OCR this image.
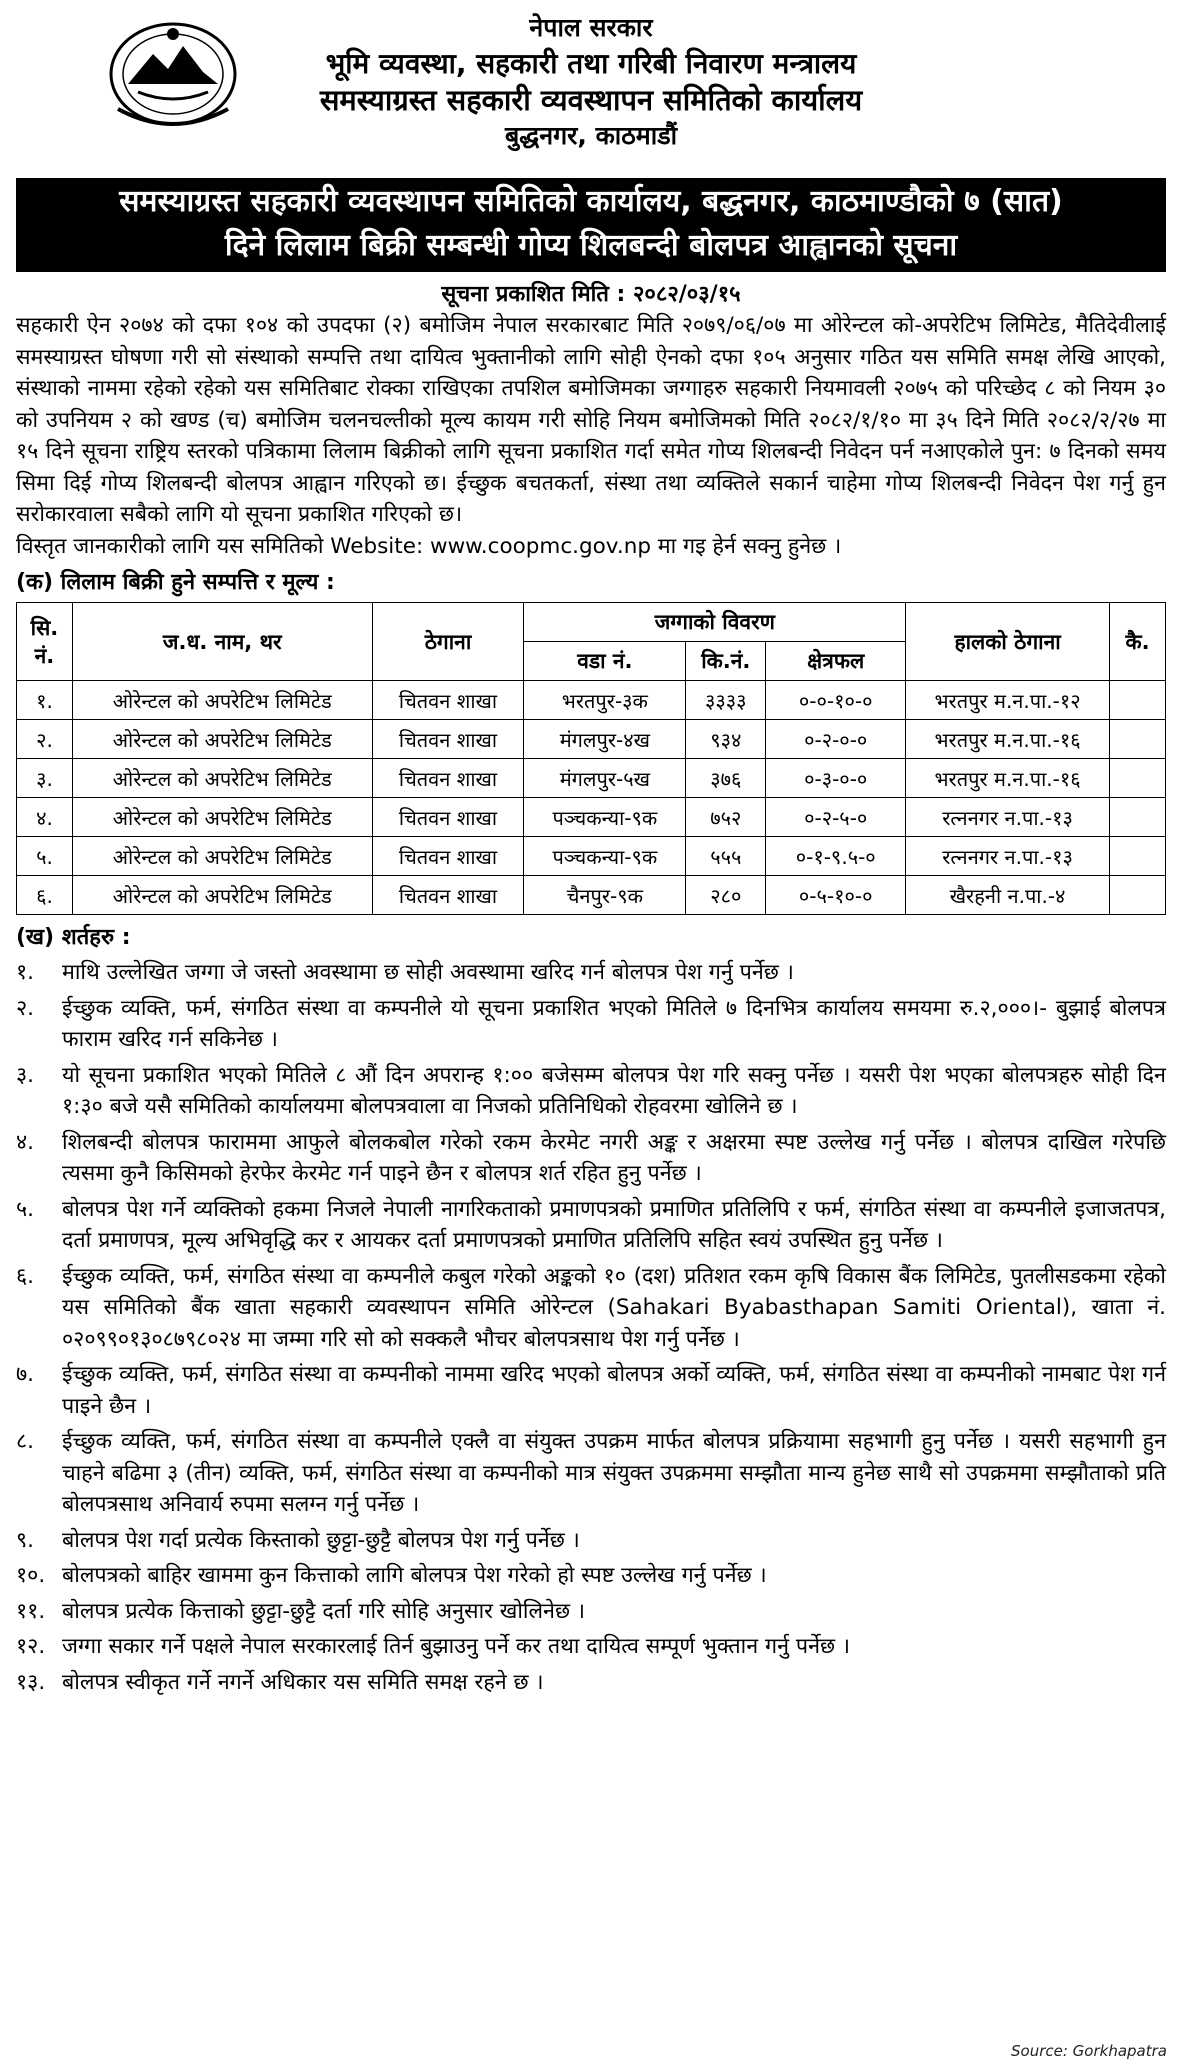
नेपाल सरकार
भूमि व्यवस्था, सहकारी तथा गरिबी निवारण मन्त्रालय
समस्याग्रस्त सहकारी व्यवस्थापन समितिको कार्यालय
बुद्धनगर, काठमाडौं
समस्याग्रस्त सहकारी व्यवस्थापन समितिको कार्यालय, बद्धनगर, काठमाण्डौको ७ (सात)
दिने लिलाम बिक्री सम्बन्धी गोप्य शिलबन्दी बोलपत्र आह्वानको सूचना
सूचना प्रकाशित मिति : २०८२/०३/१५

सहकारी ऐन २०७४ को दफा १०४ को उपदफा (२) बमोजिम नेपाल सरकारबाट मिति २०७९/०६/०७ मा ओरेन्टल को-अपरेटिभ लिमिटेड, मैतिदेवीलाई समस्याग्रस्त घोषणा गरी सो संस्थाको सम्पत्ति तथा दायित्व भुक्तानीको लागि सोही ऐनको दफा १०५ अनुसार गठित यस समिति समक्ष लेखि आएको, संस्थाको नाममा रहेको रहेको यस समितिबाट रोक्का राखिएका तपशिल बमोजिमका जग्गाहरु सहकारी नियमावली २०७५ को परिच्छेद ८ को नियम ३० को उपनियम २ को खण्ड (च) बमोजिम चलनचल्तीको मूल्य कायम गरी सोहि नियम बमोजिमको मिति २०८२/१/१० मा ३५ दिने मिति २०८२/२/२७ मा १५ दिने सूचना राष्ट्रिय स्तरको पत्रिकामा लिलाम बिक्रीको लागि सूचना प्रकाशित गर्दा समेत गोप्य शिलबन्दी निवेदन पर्न नआएकोले पुन: ७ दिनको समय सिमा दिई गोप्य शिलबन्दी बोलपत्र आह्वान गरिएको छ। ईच्छुक बचतकर्ता, संस्था तथा व्यक्तिले सकार्न चाहेमा गोप्य शिलबन्दी निवेदन पेश गर्नु हुन सरोकारवाला सबैको लागि यो सूचना प्रकाशित गरिएको छ।

विस्तृत जानकारीको लागि यस समितिको Website: www.coopmc.gov.np मा गइ हेर्न सक्नु हुनेछ ।

(क) लिलाम बिक्री हुने सम्पत्ति र मूल्य :
सि. नं.	ज.ध. नाम, थर	ठेगाना	जग्गाको विवरण			हालको ठेगाना	कै.
			वडा नं.	कि.नं.	क्षेत्रफल		
१.	ओरेन्टल को अपरेटिभ लिमिटेड	चितवन शाखा	भरतपुर-३क	३३३३	०-०-१०-०	भरतपुर म.न.पा.-१२	
२.	ओरेन्टल को अपरेटिभ लिमिटेड	चितवन शाखा	मंगलपुर-४ख	९३४	०-२-०-०	भरतपुर म.न.पा.-१६	
३.	ओरेन्टल को अपरेटिभ लिमिटेड	चितवन शाखा	मंगलपुर-५ख	३७६	०-३-०-०	भरतपुर म.न.पा.-१६	
४.	ओरेन्टल को अपरेटिभ लिमिटेड	चितवन शाखा	पञ्चकन्या-९क	७५२	०-२-५-०	रत्ननगर न.पा.-१३	
५.	ओरेन्टल को अपरेटिभ लिमिटेड	चितवन शाखा	पञ्चकन्या-९क	५५५	०-१-९.५-०	रत्ननगर न.पा.-१३	
६.	ओरेन्टल को अपरेटिभ लिमिटेड	चितवन शाखा	चैनपुर-९क	२८०	०-५-१०-०	खैरहनी न.पा.-४	
(ख) शर्तहरु :
१.	माथि उल्लेखित जग्गा जे जस्तो अवस्थामा छ सोही अवस्थामा खरिद गर्न बोलपत्र पेश गर्नु पर्नेछ ।
२.	ईच्छुक व्यक्ति, फर्म, संगठित संस्था वा कम्पनीले यो सूचना प्रकाशित भएको मितिले ७ दिनभित्र कार्यालय समयमा रु.२,०००।- बुझाई बोलपत्र फाराम खरिद गर्न सकिनेछ ।
३.	यो सूचना प्रकाशित भएको मितिले ८ औं दिन अपरान्ह १:०० बजेसम्म बोलपत्र पेश गरि सक्नु पर्नेछ । यसरी पेश भएका बोलपत्रहरु सोही दिन १:३० बजे यसै समितिको कार्यालयमा बोलपत्रवाला वा निजको प्रतिनिधिको रोहवरमा खोलिने छ ।
४.	शिलबन्दी बोलपत्र फाराममा आफुले बोलकबोल गरेको रकम केरमेट नगरी अङ्क र अक्षरमा स्पष्ट उल्लेख गर्नु पर्नेछ । बोलपत्र दाखिल गरेपछि त्यसमा कुनै किसिमको हेरफेर केरमेट गर्न पाइने छैन र बोलपत्र शर्त रहित हुनु पर्नेछ ।
५.	बोलपत्र पेश गर्ने व्यक्तिको हकमा निजले नेपाली नागरिकताको प्रमाणपत्रको प्रमाणित प्रतिलिपि र फर्म, संगठित संस्था वा कम्पनीले इजाजतपत्र, दर्ता प्रमाणपत्र, मूल्य अभिवृद्धि कर र आयकर दर्ता प्रमाणपत्रको प्रमाणित प्रतिलिपि सहित स्वयं उपस्थित हुनु पर्नेछ ।
६.	ईच्छुक व्यक्ति, फर्म, संगठित संस्था वा कम्पनीले कबुल गरेको अङ्कको १० (दश) प्रतिशत रकम कृषि विकास बैंक लिमिटेड, पुतलीसडकमा रहेको यस समितिको बैंक खाता सहकारी व्यवस्थापन समिति ओरेन्टल (Sahakari Byabasthapan Samiti Oriental), खाता नं. ०२०९९०१३०८७९८०२४ मा जम्मा गरि सो को सक्कलै भौचर बोलपत्रसाथ पेश गर्नु पर्नेछ ।
७.	ईच्छुक व्यक्ति, फर्म, संगठित संस्था वा कम्पनीको नाममा खरिद भएको बोलपत्र अर्को व्यक्ति, फर्म, संगठित संस्था वा कम्पनीको नामबाट पेश गर्न पाइने छैन ।
८.	ईच्छुक व्यक्ति, फर्म, संगठित संस्था वा कम्पनीले एक्लै वा संयुक्त उपक्रम मार्फत बोलपत्र प्रक्रियामा सहभागी हुनु पर्नेछ । यसरी सहभागी हुन चाहने बढिमा ३ (तीन) व्यक्ति, फर्म, संगठित संस्था वा कम्पनीको मात्र संयुक्त उपक्रममा सम्झौता मान्य हुनेछ साथै सो उपक्रममा सम्झौताको प्रति बोलपत्रसाथ अनिवार्य रुपमा सलग्न गर्नु पर्नेछ ।
९.	बोलपत्र पेश गर्दा प्रत्येक किस्ताको छुट्टा-छुट्टै बोलपत्र पेश गर्नु पर्नेछ ।
१०. बोलपत्रको बाहिर खाममा कुन कित्ताको लागि बोलपत्र पेश गरेको हो स्पष्ट उल्लेख गर्नु पर्नेछ ।
११. बोलपत्र प्रत्येक कित्ताको छुट्टा-छुट्टै दर्ता गरि सोहि अनुसार खोलिनेछ ।
१२. जग्गा सकार गर्ने पक्षले नेपाल सरकारलाई तिर्न बुझाउनु पर्ने कर तथा दायित्व सम्पूर्ण भुक्तान गर्नु पर्नेछ ।
१३. बोलपत्र स्वीकृत गर्ने नगर्ने अधिकार यस समिति समक्ष रहने छ ।
Source: Gorkhapatra
